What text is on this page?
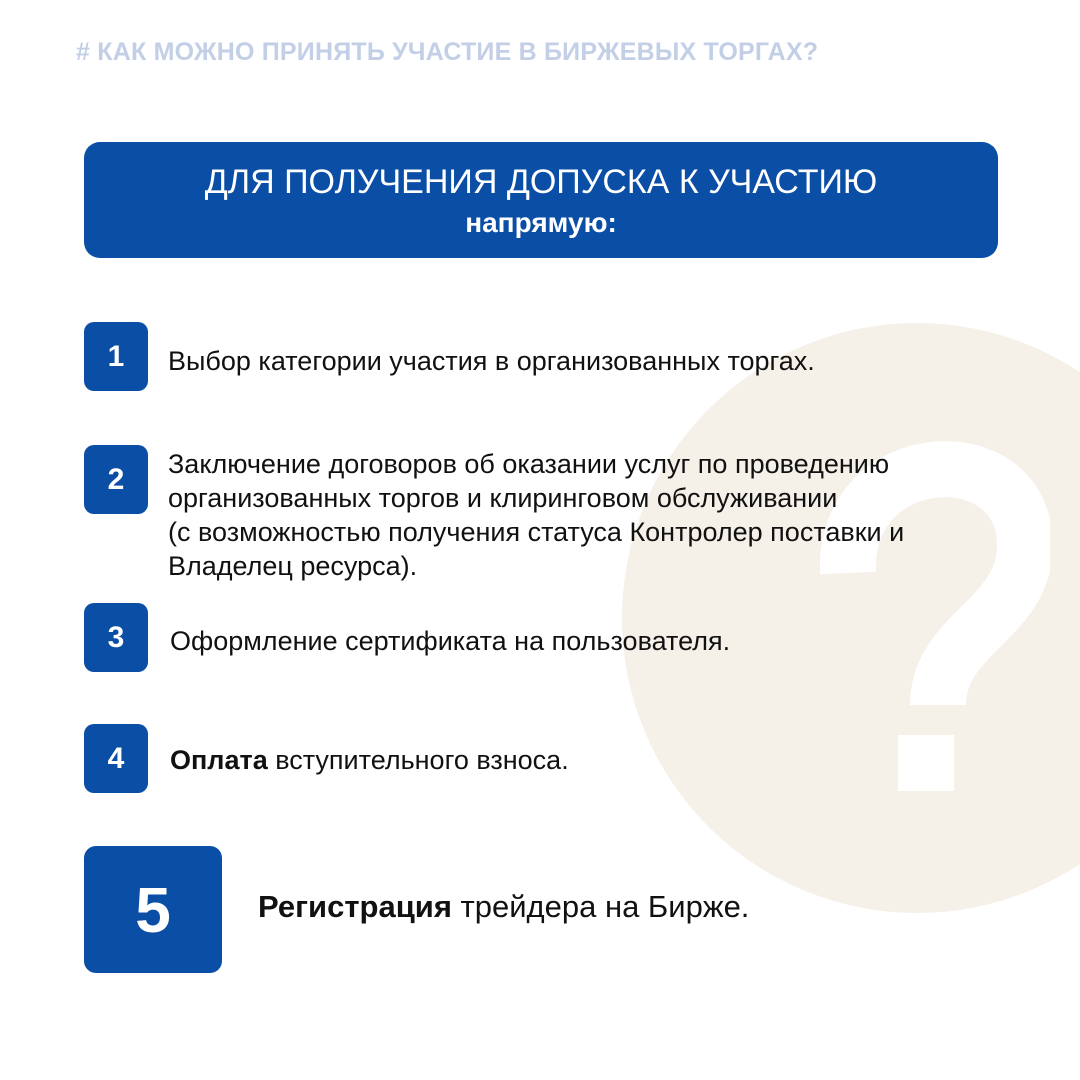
# КАК МОЖНО ПРИНЯТЬ УЧАСТИЕ В БИРЖЕВЫХ ТОРГАХ?
ДЛЯ ПОЛУЧЕНИЯ ДОПУСКА К УЧАСТИЮ
напрямую:
1	Выбор категории участия в организованных торгах.
2	Заключение договоров об оказании услуг по проведению
организованных торгов и клиринговом обслуживании
(с возможностью получения статуса Контролер поставки и
Владелец ресурса).
3	Оформление сертификата на пользователя.
4	Оплата вступительного взноса.
5	Регистрация трейдера на Бирже.
